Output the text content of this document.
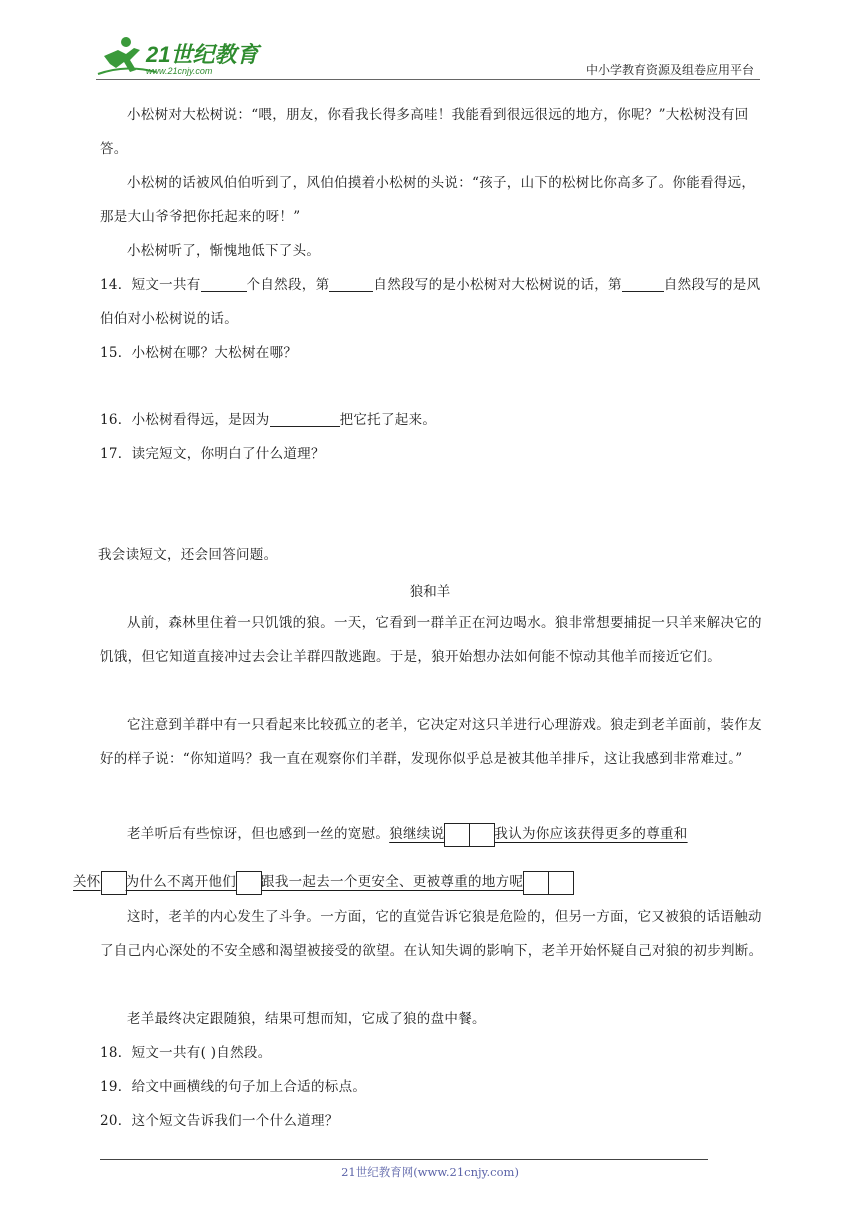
21世纪教育
www.21cnjy.com	中小学教育资源及组卷应用平台
小松树对大松树说：“喂，朋友，你看我长得多高哇！我能看到很远很远的地方，你呢？”大松树没有回答。
小松树的话被风伯伯听到了，风伯伯摸着小松树的头说：“孩子，山下的松树比你高多了。你能看得远，那是大山爷爷把你托起来的呀！”
小松树听了，惭愧地低下了头。
14．短文一共有	个自然段，第	自然段写的是小松树对大松树说的话，第	自然段写的是风伯伯对小松树说的话。
15．小松树在哪？大松树在哪？
16．小松树看得远，是因为	把它托了起来。
17．读完短文，你明白了什么道理？
我会读短文，还会回答问题。
狼和羊
从前，森林里住着一只饥饿的狼。一天，它看到一群羊正在河边喝水。狼非常想要捕捉一只羊来解决它的饥饿，但它知道直接冲过去会让羊群四散逃跑。于是，狼开始想办法如何能不惊动其他羊而接近它们。
它注意到羊群中有一只看起来比较孤立的老羊，它决定对这只羊进行心理游戏。狼走到老羊面前，装作友好的样子说：“你知道吗？我一直在观察你们羊群，发现你似乎总是被其他羊排斥，这让我感到非常难过。”
老羊听后有些惊讶，但也感到一丝的宽慰。狼继续说	我认为你应该获得更多的尊重和
关怀 为什么不离开他们 跟我一起去一个更安全、更被尊重的地方呢
这时，老羊的内心发生了斗争。一方面，它的直觉告诉它狼是危险的，但另一方面，它又被狼的话语触动了自己内心深处的不安全感和渴望被接受的欲望。在认知失调的影响下，老羊开始怀疑自己对狼的初步判断。
老羊最终决定跟随狼，结果可想而知，它成了狼的盘中餐。
18．短文一共有( )自然段。
19．给文中画横线的句子加上合适的标点。
20．这个短文告诉我们一个什么道理？
21世纪教育网(www.21cnjy.com)
